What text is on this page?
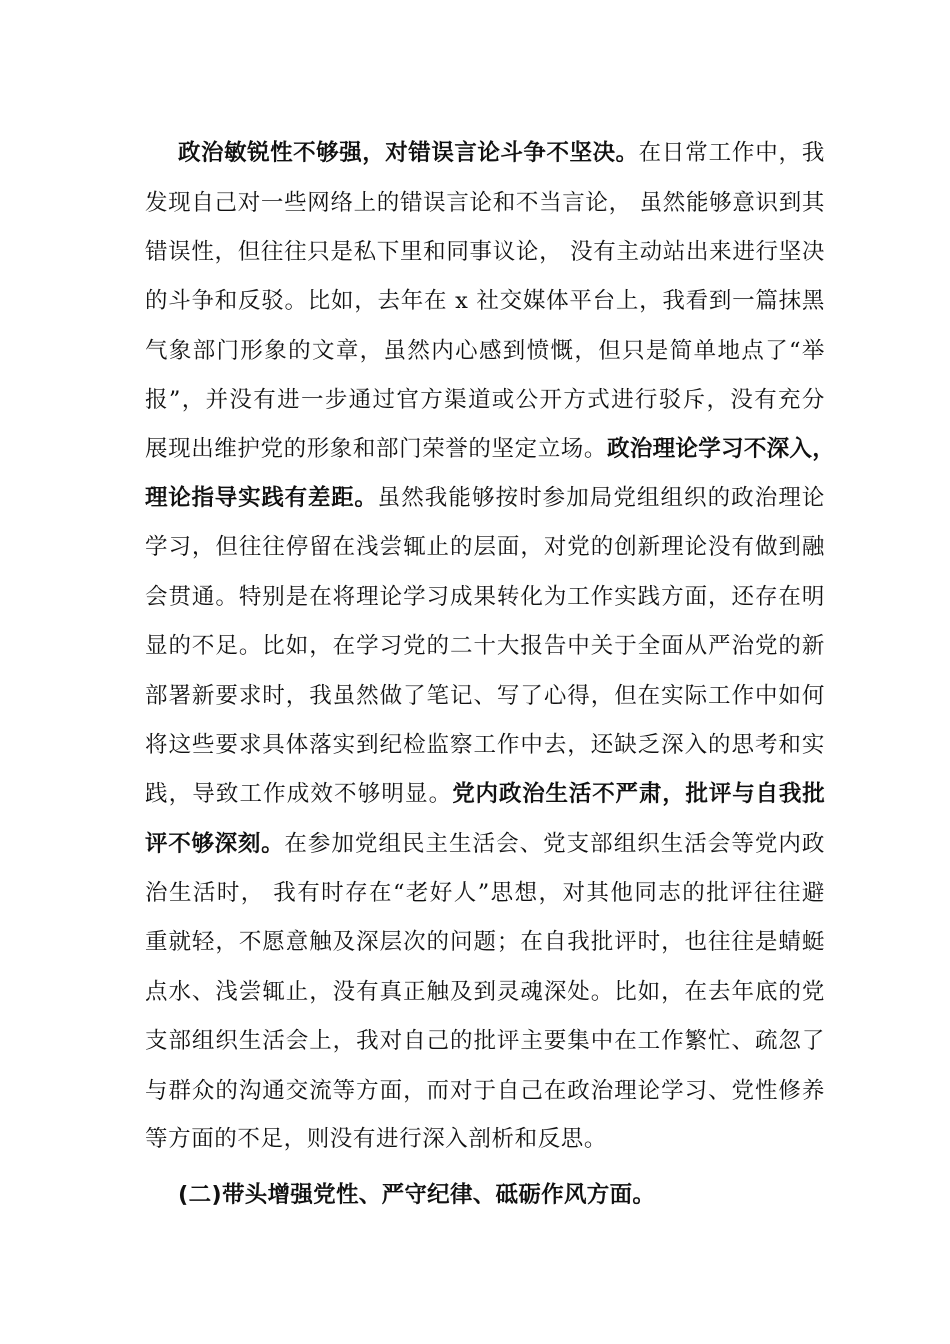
政治敏锐性不够强，对错误言论斗争不坚决。在日常工作中，我
发现自己对一些网络上的错误言论和不当言论， 虽然能够意识到其
错误性，但往往只是私下里和同事议论， 没有主动站出来进行坚决
的斗争和反驳。比如，去年在 x 社交媒体平台上，我看到一篇抹黑
气象部门形象的文章，虽然内心感到愤慨，但只是简单地点了“举
报”，并没有进一步通过官方渠道或公开方式进行驳斥，没有充分
展现出维护党的形象和部门荣誉的坚定立场。政治理论学习不深入，
理论指导实践有差距。虽然我能够按时参加局党组组织的政治理论
学习，但往往停留在浅尝辄止的层面，对党的创新理论没有做到融
会贯通。特别是在将理论学习成果转化为工作实践方面，还存在明
显的不足。比如，在学习党的二十大报告中关于全面从严治党的新
部署新要求时，我虽然做了笔记、写了心得，但在实际工作中如何
将这些要求具体落实到纪检监察工作中去，还缺乏深入的思考和实
践，导致工作成效不够明显。党内政治生活不严肃，批评与自我批
评不够深刻。在参加党组民主生活会、党支部组织生活会等党内政
治生活时， 我有时存在“老好人”思想，对其他同志的批评往往避
重就轻，不愿意触及深层次的问题；在自我批评时，也往往是蜻蜓
点水、浅尝辄止，没有真正触及到灵魂深处。比如，在去年底的党
支部组织生活会上，我对自己的批评主要集中在工作繁忙、疏忽了
与群众的沟通交流等方面，而对于自己在政治理论学习、党性修养
等方面的不足，则没有进行深入剖析和反思。
(二)带头增强党性、严守纪律、砥砺作风方面。
